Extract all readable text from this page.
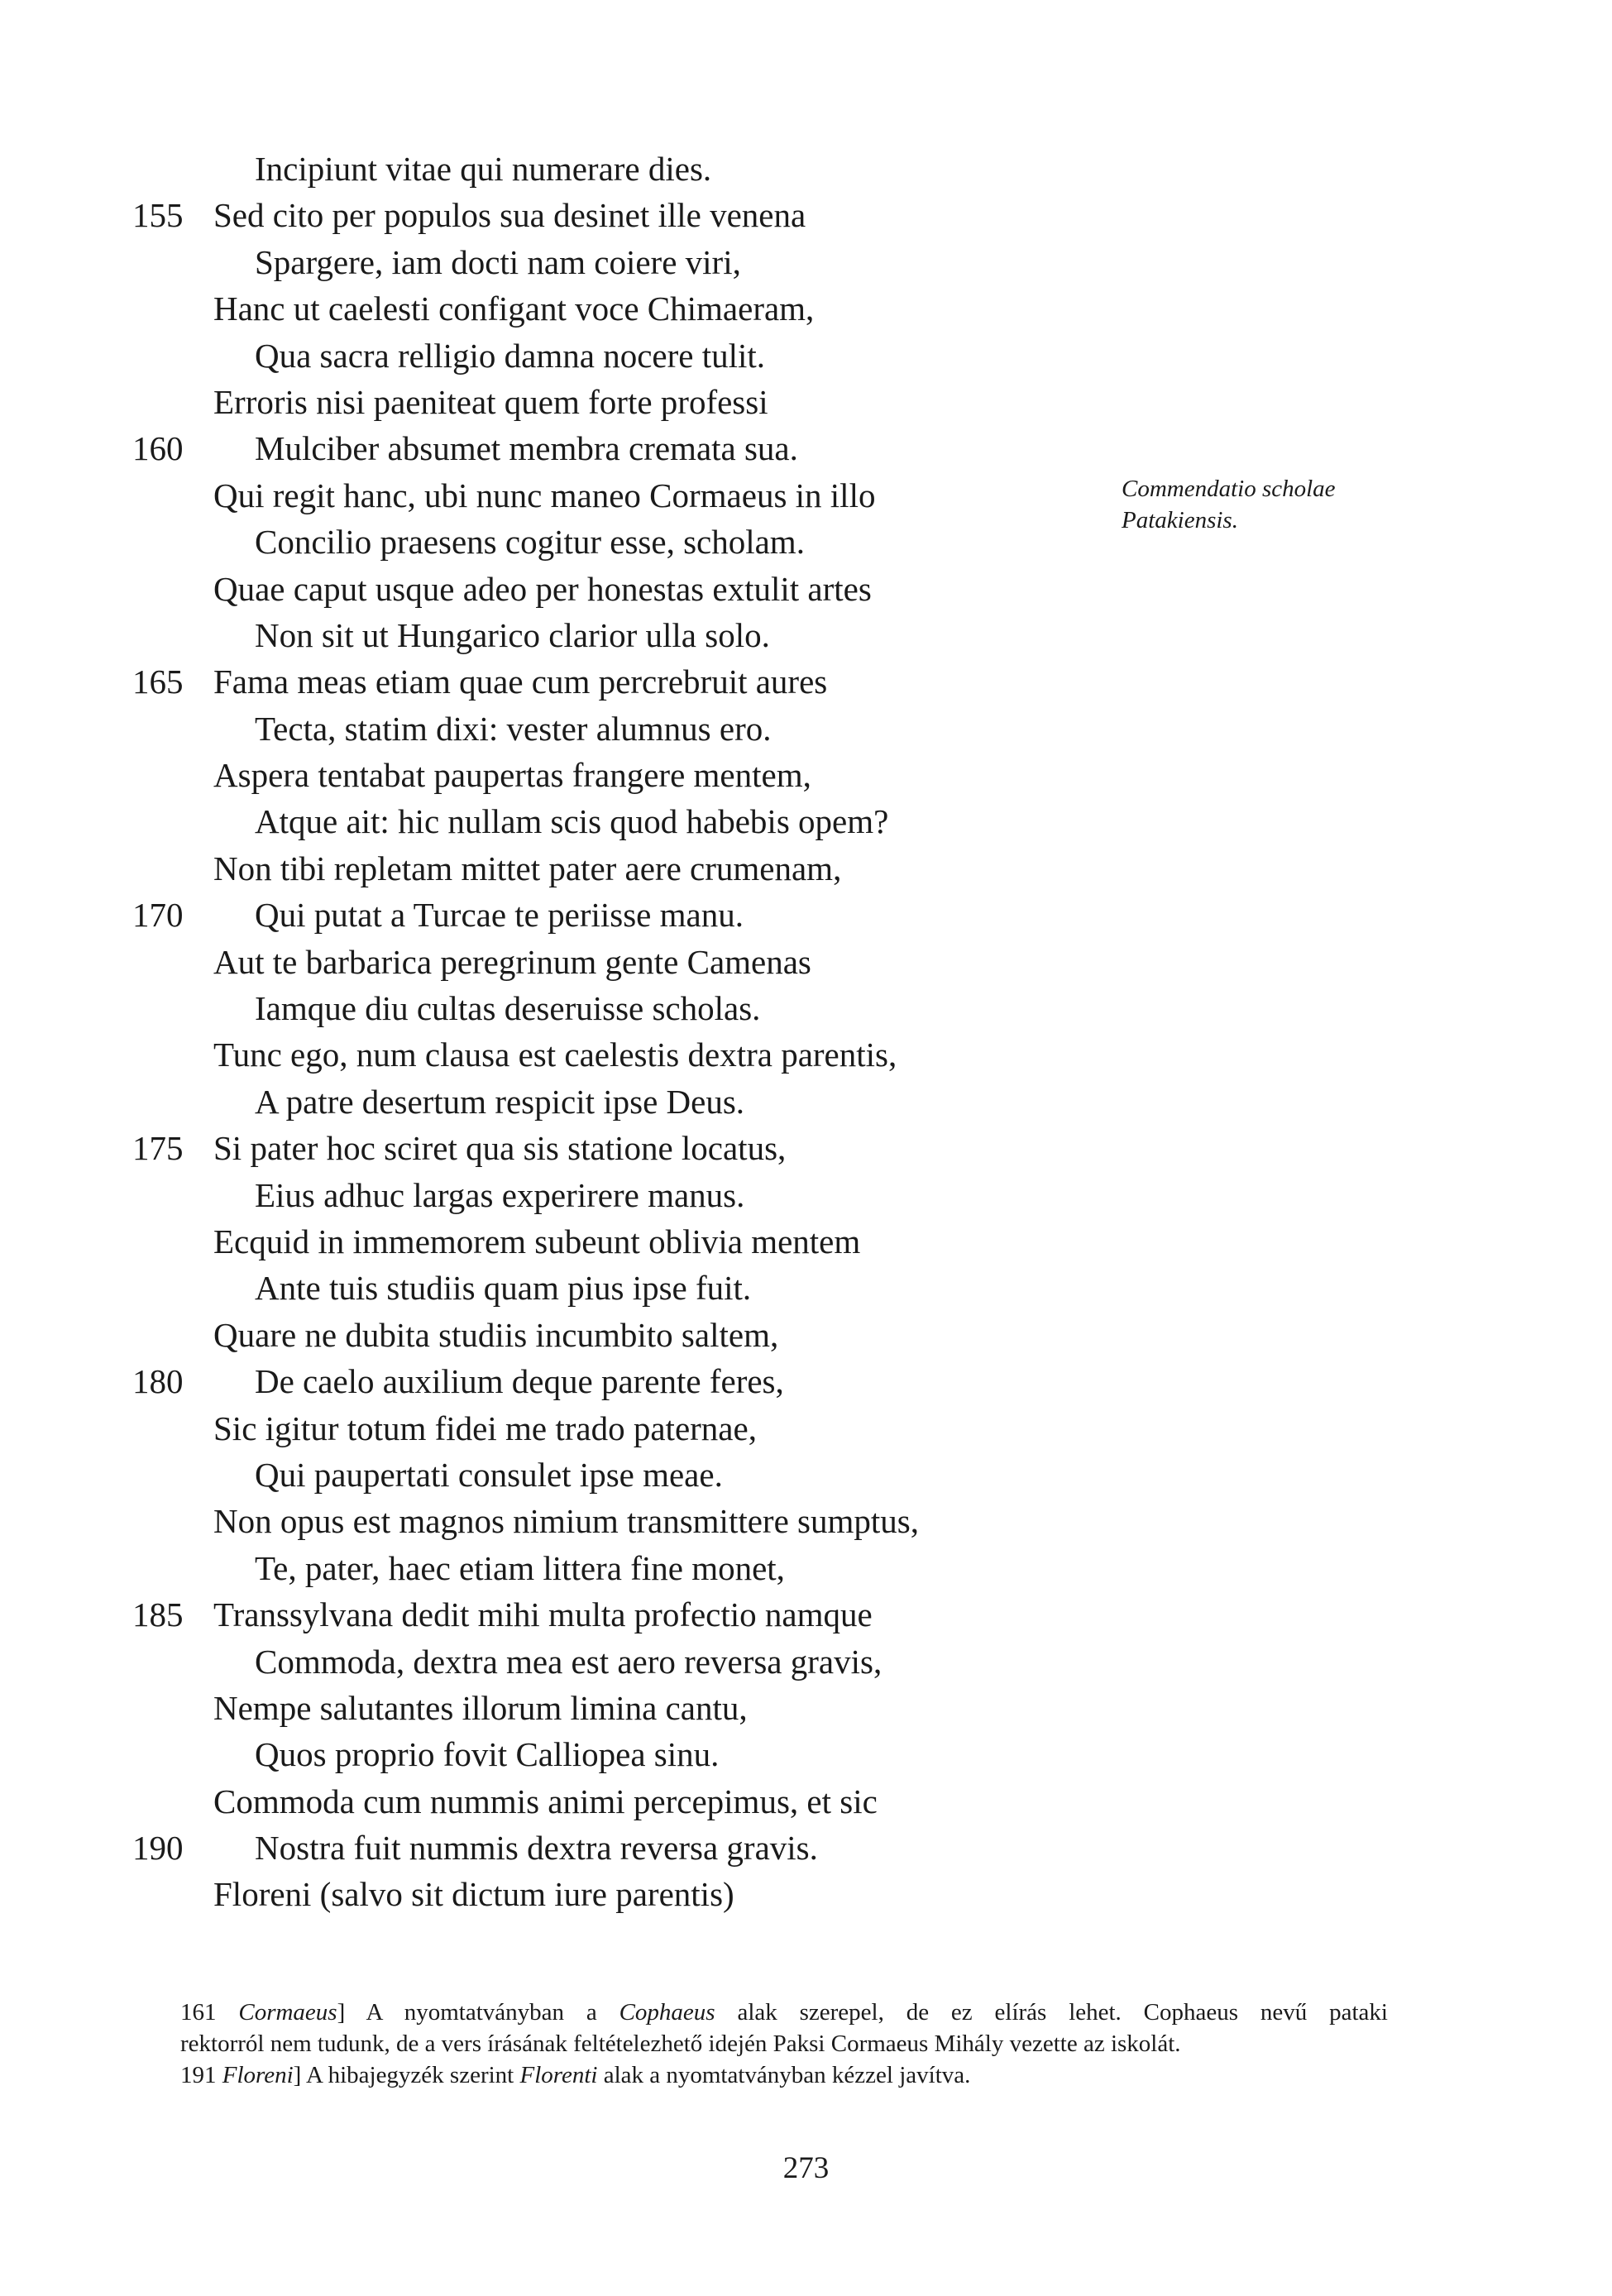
Incipiunt vitae qui numerare dies.
155 Sed cito per populos sua desinet ille venena
Spargere, iam docti nam coiere viri,
Hanc ut caelesti configant voce Chimaeram,
Qua sacra relligio damna nocere tulit.
Erroris nisi paeniteat quem forte professi
160	Mulciber absumet membra cremata sua.
Qui regit hanc, ubi nunc maneo Cormaeus in illo
Concilio praesens cogitur esse, scholam.
Quae caput usque adeo per honestas extulit artes
Non sit ut Hungarico clarior ulla solo.
165 Fama meas etiam quae cum percrebruit aures
Tecta, statim dixi: vester alumnus ero.
Aspera tentabat paupertas frangere mentem,
Atque ait: hic nullam scis quod habebis opem?
Non tibi repletam mittet pater aere crumenam,
170	Qui putat a Turcae te periisse manu.
Aut te barbarica peregrinum gente Camenas
Iamque diu cultas deseruisse scholas.
Tunc ego, num clausa est caelestis dextra parentis,
A patre desertum respicit ipse Deus.
175 Si pater hoc sciret qua sis statione locatus,
Eius adhuc largas experirere manus.
Ecquid in immemorem subeunt oblivia mentem
Ante tuis studiis quam pius ipse fuit.
Quare ne dubita studiis incumbito saltem,
180	De caelo auxilium deque parente feres,
Sic igitur totum fidei me trado paternae,
Qui paupertati consulet ipse meae.
Non opus est magnos nimium transmittere sumptus,
Te, pater, haec etiam littera fine monet,
185 Transsylvana dedit mihi multa profectio namque
Commoda, dextra mea est aero reversa gravis,
Nempe salutantes illorum limina cantu,
Quos proprio fovit Calliopea sinu.
Commoda cum nummis animi percepimus, et sic
190	Nostra fuit nummis dextra reversa gravis.
Floreni (salvo sit dictum iure parentis)
Commendatio scholae
Patakiensis.
161 Cormaeus] A nyomtatványban a Cophaeus alak szerepel, de ez elírás lehet. Cophaeus nevű pataki
rektorról nem tudunk, de a vers írásának feltételezhető idején Paksi Cormaeus Mihály vezette az iskolát.
191 Floreni] A hibajegyzék szerint Florenti alak a nyomtatványban kézzel javítva.
273
